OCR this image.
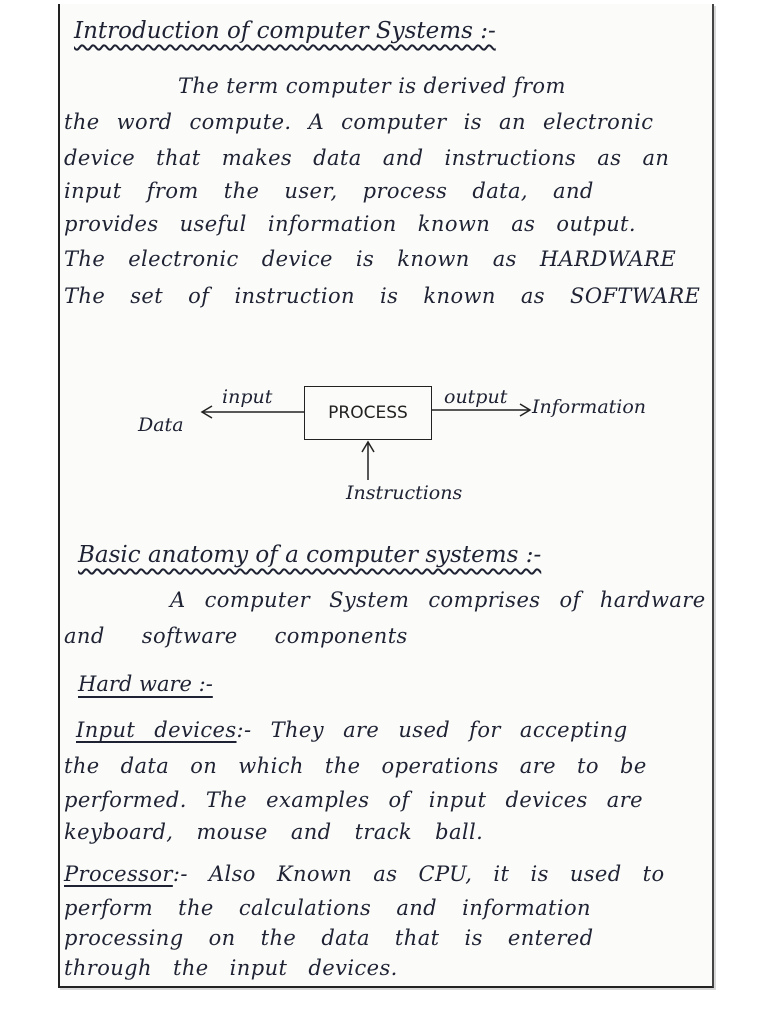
Introduction of computer Systems :-
The term computer is derived from
the word compute. A computer is an electronic
device that makes data and instructions as an
input from the user, process data, and
provides useful information known as output.
The electronic device is known as HARDWARE
The set of instruction is known as SOFTWARE
PROCESS
input
Data
output Information
Instructions
Basic anatomy of a computer systems :-
A computer System comprises of hardware
and software components
Hard ware :-
Input devices:- They are used for accepting
the data on which the operations are to be
performed. The examples of input devices are
keyboard, mouse and track ball.
Processor:- Also Known as CPU, it is used to
perform the calculations and information
processing on the data that is entered
through the input devices.
